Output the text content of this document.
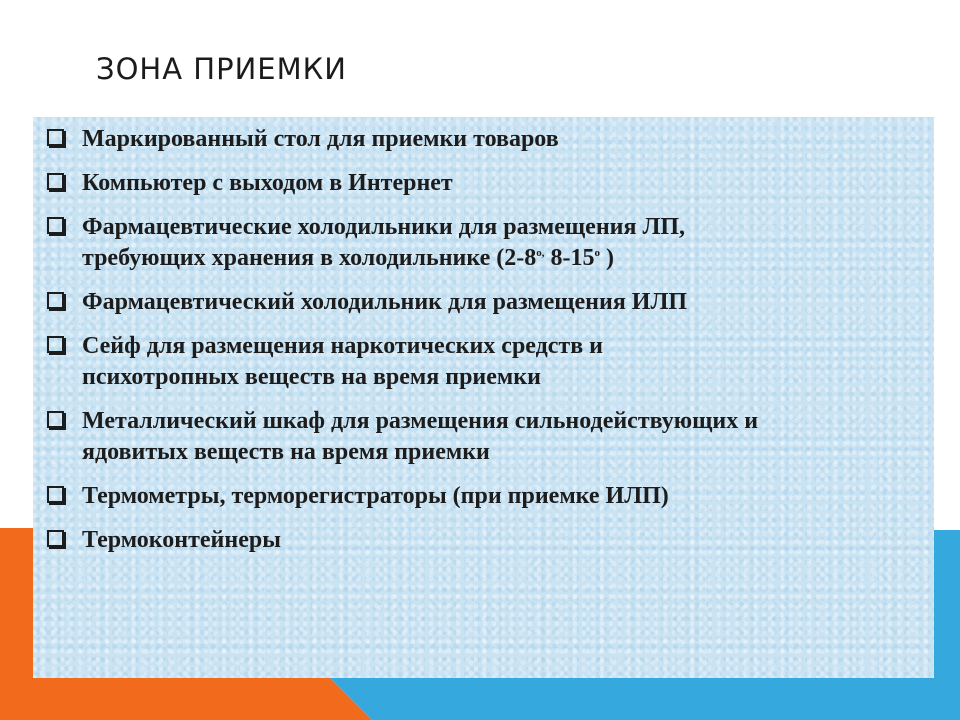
ЗОНА ПРИЕМКИ
Маркированный стол для приемки товаров
Компьютер с выходом в Интернет
Фармацевтические холодильники для размещения ЛП,
требующих хранения в холодильнике ($2-8^{o,}$ 8-15$^o$ )
Фармацевтический холодильник для размещения ИЛП
Сейф для размещения наркотических средств и психотропных веществ на время приемки
Металлический шкаф для размещения сильнодействующих и ядовитых веществ на время приемки
Термометры, терморегистраторы (при приемке ИЛП)
Термоконтейнеры
